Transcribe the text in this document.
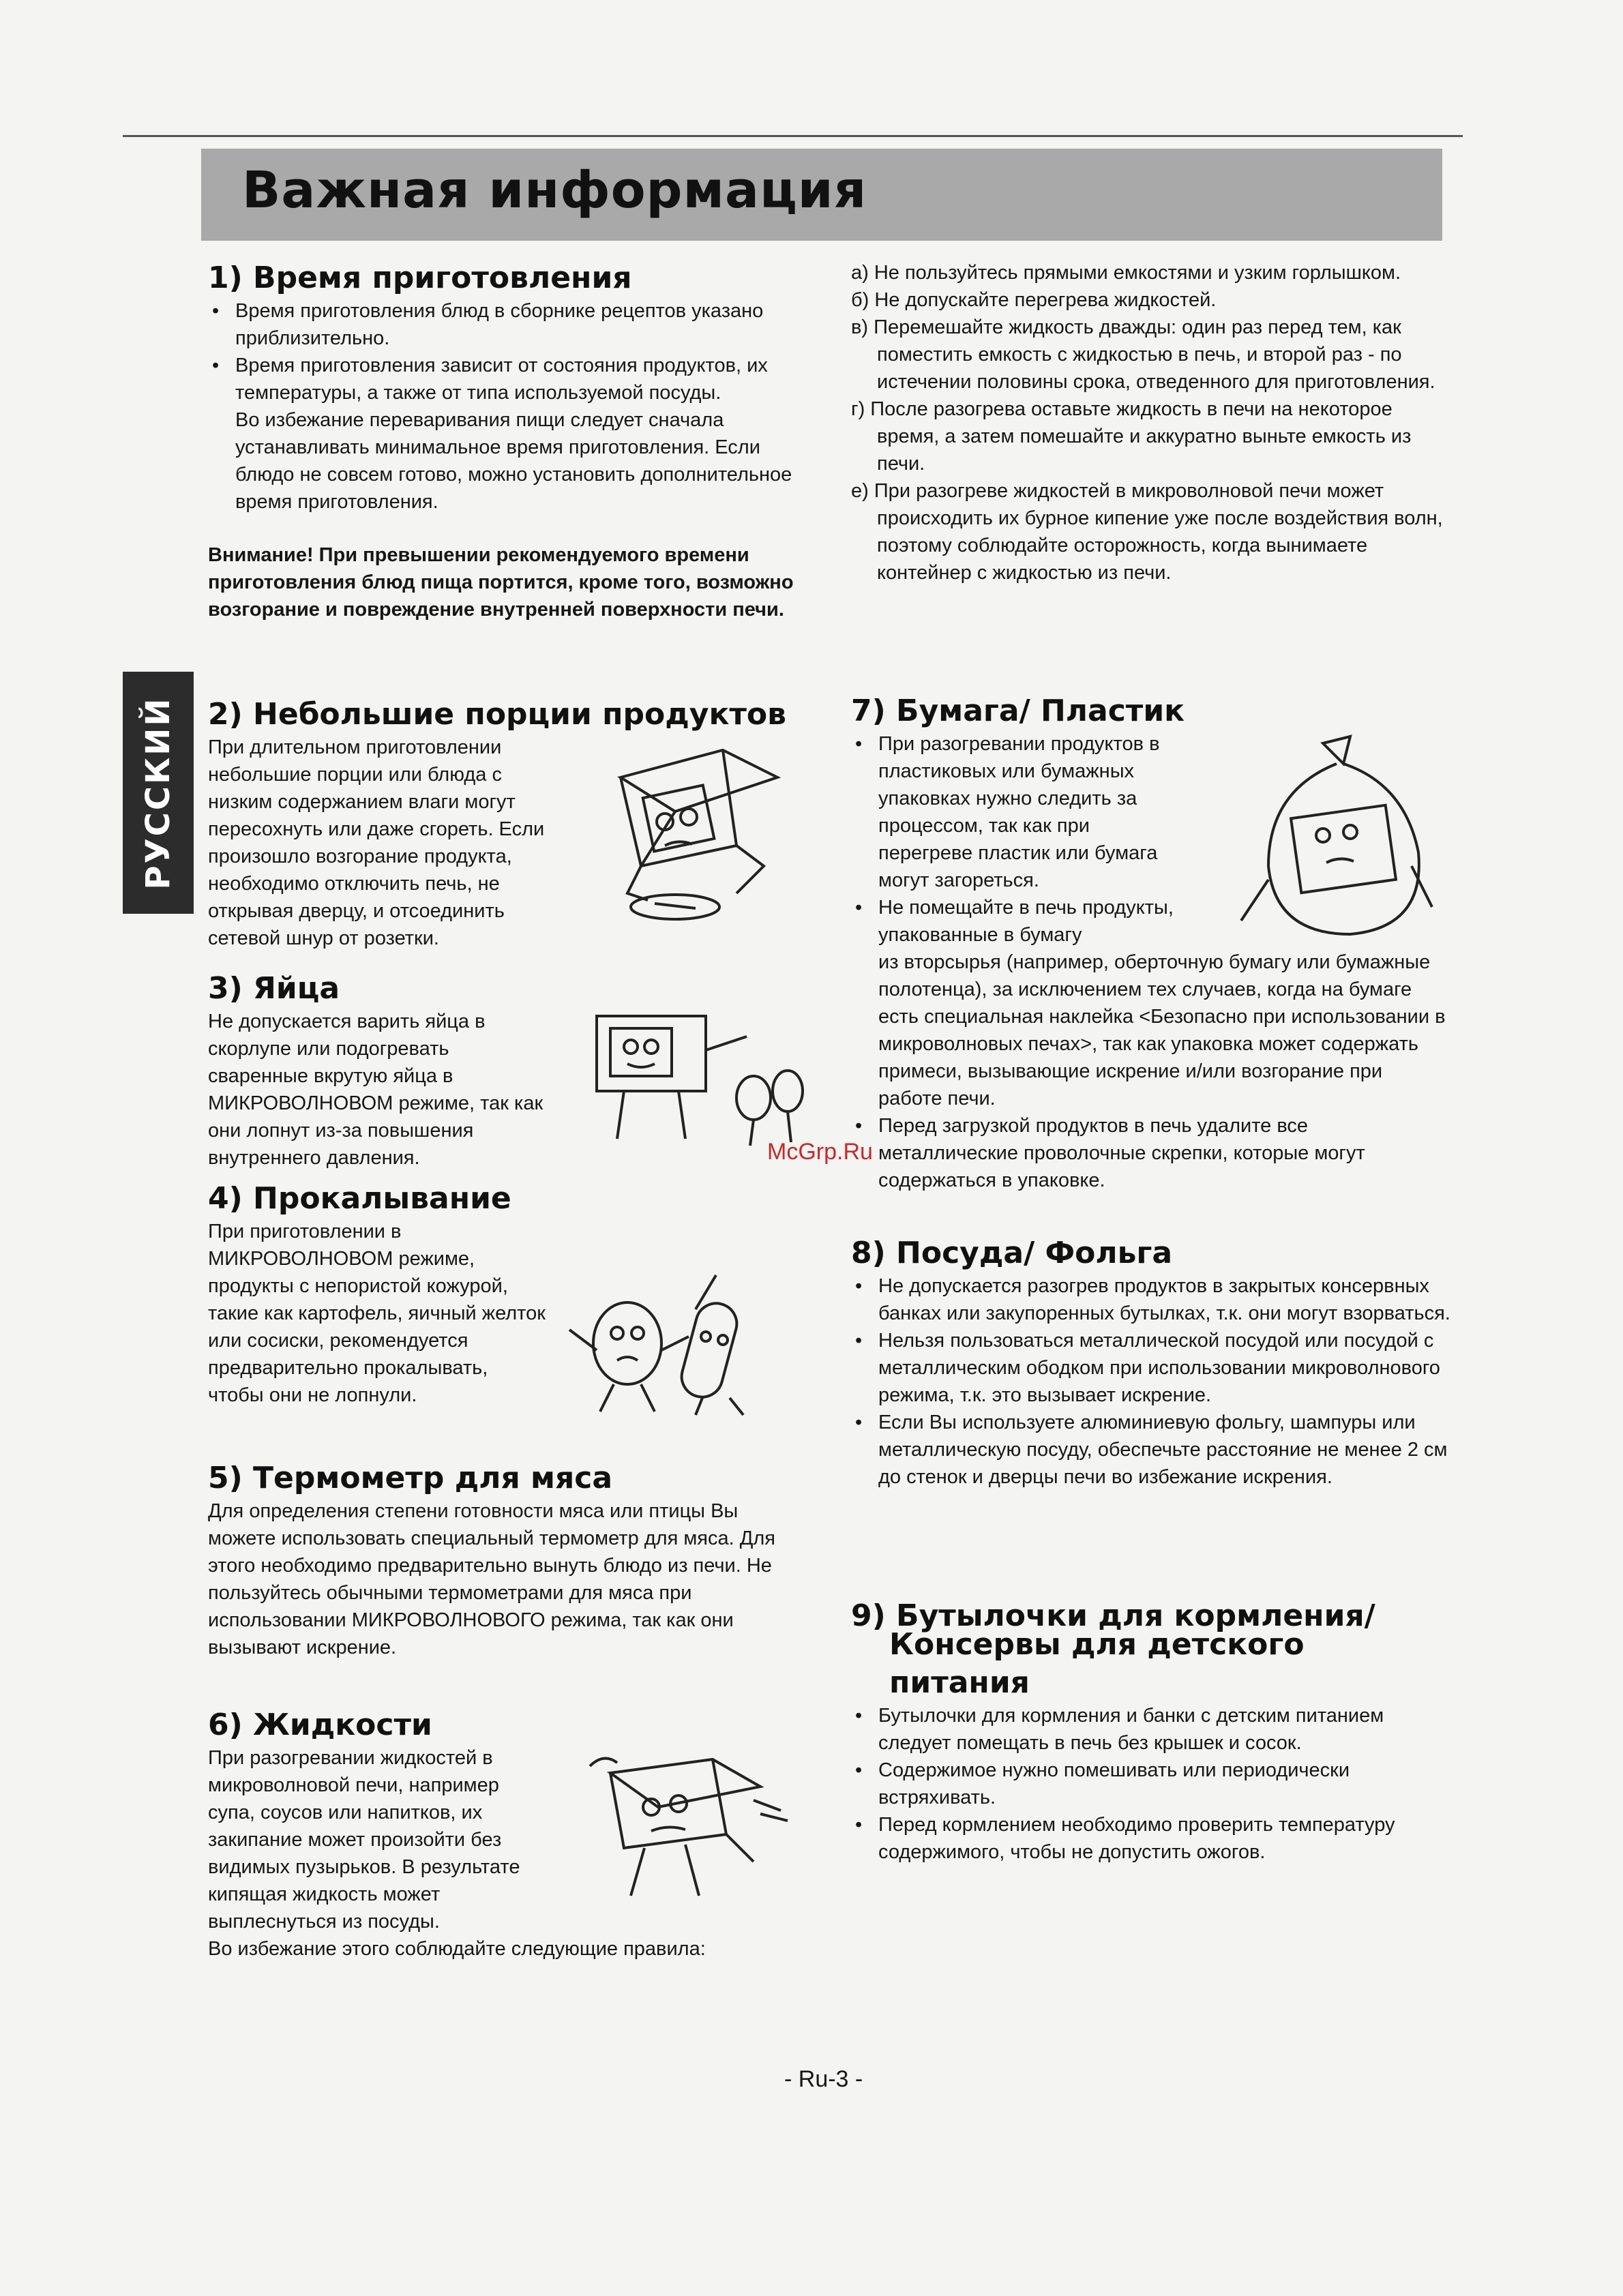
Важная информация
РУССКИЙ
1) Время приготовления
• Время приготовления блюд в сборнике рецептов указано приблизительно.
• Время приготовления зависит от состояния продуктов, их температуры, а также от типа используемой посуды.
Во избежание переваривания пищи следует сначала устанавливать минимальное время приготовления. Если блюдо не совсем готово, можно установить дополнительное время приготовления.
Внимание! При превышении рекомендуемого времени приготовления блюд пища портится, кроме того, возможно возгорание и повреждение внутренней поверхности печи.
2) Небольшие порции продуктов
При длительном приготовлении небольшие порции или блюда с низким содержанием влаги могут пересохнуть или даже сгореть. Если произошло возгорание продукта, необходимо отключить печь, не открывая дверцу, и отсоединить сетевой шнур от розетки.
3) Яйца
Не допускается варить яйца в скорлупе или подогревать сваренные вкрутую яйца в МИКРОВОЛНОВОМ режиме, так как они лопнут из-за повышения внутреннего давления.
4) Прокалывание
При приготовлении в МИКРОВОЛНОВОМ режиме, продукты с непористой кожурой, такие как картофель, яичный желток или сосиски, рекомендуется предварительно прокалывать, чтобы они не лопнули.
5) Термометр для мяса
Для определения степени готовности мяса или птицы Вы можете использовать специальный термометр для мяса. Для этого необходимо предварительно вынуть блюдо из печи. Не пользуйтесь обычными термометрами для мяса при использовании МИКРОВОЛНОВОГО режима, так как они вызывают искрение.
6) Жидкости
При разогревании жидкостей в микроволновой печи, например супа, соусов или напитков, их закипание может произойти без видимых пузырьков. В результате кипящая жидкость может выплеснуться из посуды.
Во избежание этого соблюдайте следующие правила:
а) Не пользуйтесь прямыми емкостями и узким горлышком.
б) Не допускайте перегрева жидкостей.
в) Перемешайте жидкость дважды: один раз перед тем, как поместить емкость с жидкостью в печь, и второй раз - по истечении половины срока, отведенного для приготовления.
г) После разогрева оставьте жидкость в печи на некоторое время, а затем помешайте и аккуратно выньте емкость из печи.
е) При разогреве жидкостей в микроволновой печи может происходить их бурное кипение уже после воздействия волн, поэтому соблюдайте осторожность, когда вынимаете контейнер с жидкостью из печи.
7) Бумага/ Пластик
• При разогревании продуктов в пластиковых или бумажных упаковках нужно следить за процессом, так как при перегреве пластик или бумага могут загореться.
• Не помещайте в печь продукты, упакованные в бумагу
из вторсырья (например, оберточную бумагу или бумажные полотенца), за исключением тех случаев, когда на бумаге есть специальная наклейка <Безопасно при использовании в микроволновых печах>, так как упаковка может содержать примеси, вызывающие искрение и/или возгорание при работе печи.
• Перед загрузкой продуктов в печь удалите все металлические проволочные скрепки, которые могут содержаться в упаковке.
8) Посуда/ Фольга
• Не допускается разогрев продуктов в закрытых консервных банках или закупоренных бутылках, т.к. они могут взорваться.
• Нельзя пользоваться металлической посудой или посудой с металлическим ободком при использовании микроволнового режима, т.к. это вызывает искрение.
• Если Вы используете алюминиевую фольгу, шампуры или металлическую посуду, обеспечьте расстояние не менее 2 см до стенок и дверцы печи во избежание искрения.
9) Бутылочки для кормления/
Консервы для детского питания
• Бутылочки для кормления и банки с детским питанием следует помещать в печь без крышек и сосок.
• Содержимое нужно помешивать или периодически встряхивать.
• Перед кормлением необходимо проверить температуру содержимого, чтобы не допустить ожогов.
McGrp.Ru
- Ru-3 -
